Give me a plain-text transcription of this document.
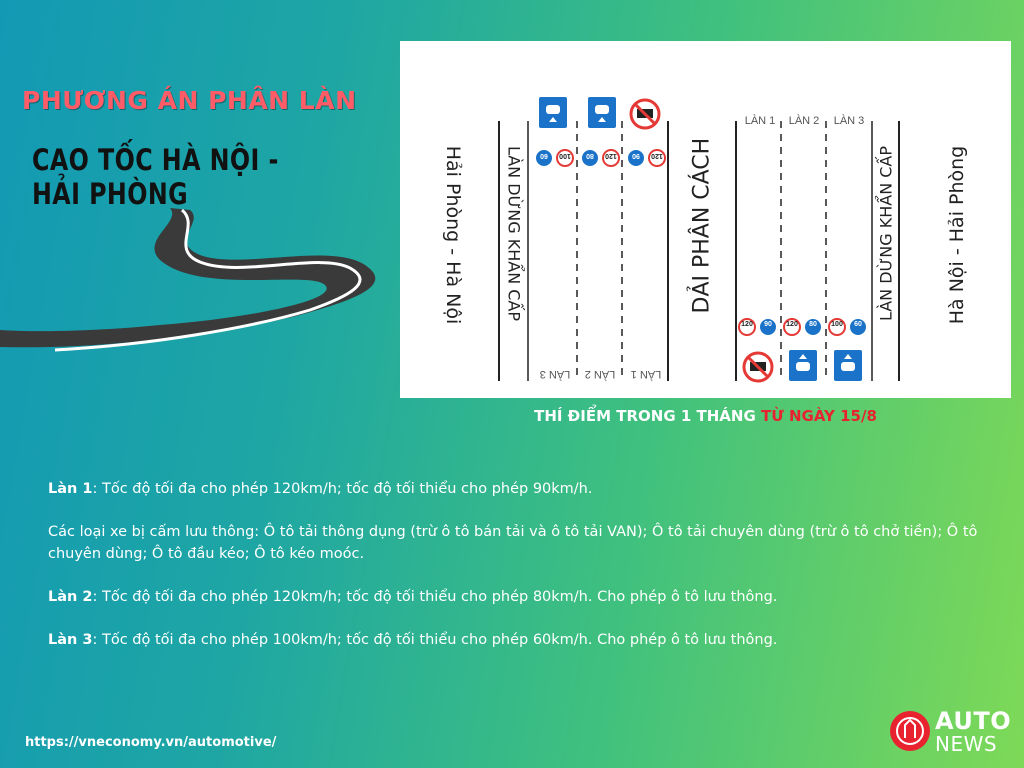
PHƯƠNG ÁN PHÂN LÀN
CAO TỐC HÀ NỘI - HẢI PHÒNG
60	100	80	120	90	120
120	90	120	80	100	60
LÀN 1	LÀN 2	LÀN 3
LÀN 1
LÀN 2
LÀN 3
Hải Phòng - Hà Nội	LÀN DỪNG KHẨN CẤP	DẢI PHÂN CÁCH	LÀN DỪNG KHẨN CẤP	Hà Nội - Hải Phòng
THÍ ĐIỂM TRONG 1 THÁNG TỪ NGÀY 15/8

Làn 1: Tốc độ tối đa cho phép 120km/h; tốc độ tối thiểu cho phép 90km/h.

Các loại xe bị cấm lưu thông: Ô tô tải thông dụng (trừ ô tô bán tải và ô tô tải VAN); Ô tô tải chuyên dùng (trừ ô tô chở tiền); Ô tô chuyên dùng; Ô tô đầu kéo; Ô tô kéo moóc.

Làn 2: Tốc độ tối đa cho phép 120km/h; tốc độ tối thiểu cho phép 80km/h. Cho phép ô tô lưu thông.

Làn 3: Tốc độ tối đa cho phép 100km/h; tốc độ tối thiểu cho phép 60km/h. Cho phép ô tô lưu thông.

https://vneconomy.vn/automotive/
AUTO
NEWS
